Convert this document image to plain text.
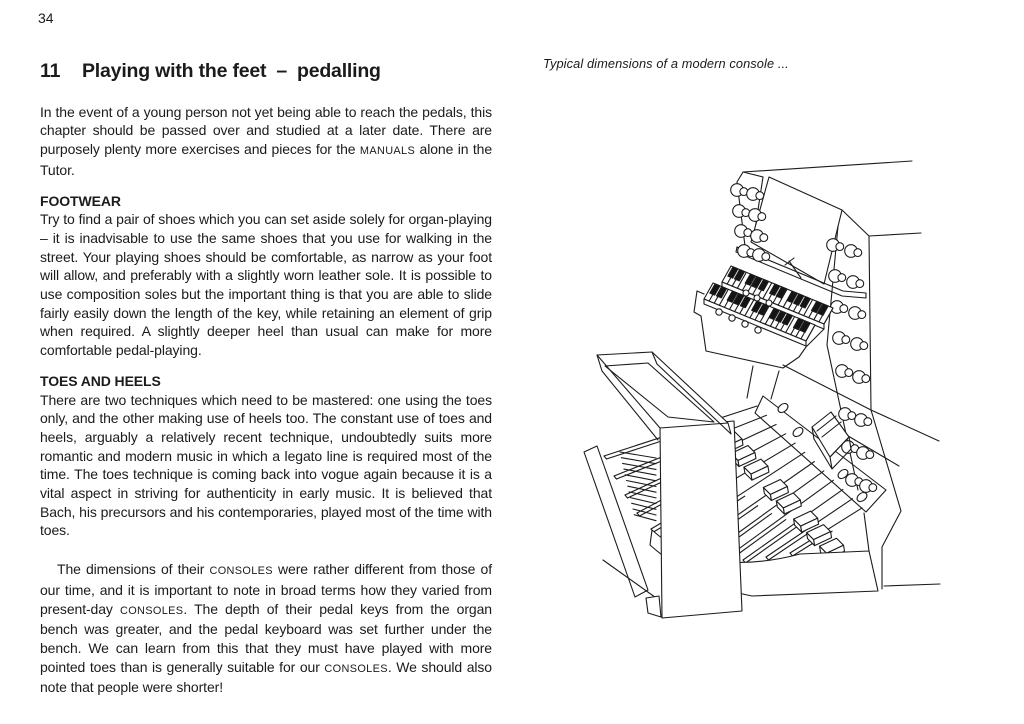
34
11 Playing with the feet – pedalling

In the event of a young person not yet being able to reach the pedals, this chapter should be passed over and studied at a later date. There are purposely plenty more exercises and pieces for the MANUALS alone in the Tutor.

FOOTWEAR

Try to find a pair of shoes which you can set aside solely for organ-playing – it is inadvisable to use the same shoes that you use for walking in the street. Your playing shoes should be comfortable, as narrow as your foot will allow, and preferably with a slightly worn leather sole. It is possible to use composition soles but the important thing is that you are able to slide fairly easily down the length of the key, while retaining an element of grip when required. A slightly deeper heel than usual can make for more comfortable pedal-playing.

TOES AND HEELS

There are two techniques which need to be mastered: one using the toes only, and the other making use of heels too. The constant use of toes and heels, arguably a relatively recent technique, undoubtedly suits more romantic and modern music in which a legato line is required most of the time. The toes technique is coming back into vogue again because it is a vital aspect in striving for authenticity in early music. It is believed that Bach, his precursors and his contemporaries, played most of the time with toes.

The dimensions of their CONSOLES were rather different from those of our time, and it is important to note in broad terms how they varied from present-day CONSOLES. The depth of their pedal keys from the organ bench was greater, and the pedal keyboard was set further under the bench. We can learn from this that they must have played with more pointed toes than is generally suitable for our CONSOLES. We should also note that people were shorter!

Typical dimensions of a modern console ...
